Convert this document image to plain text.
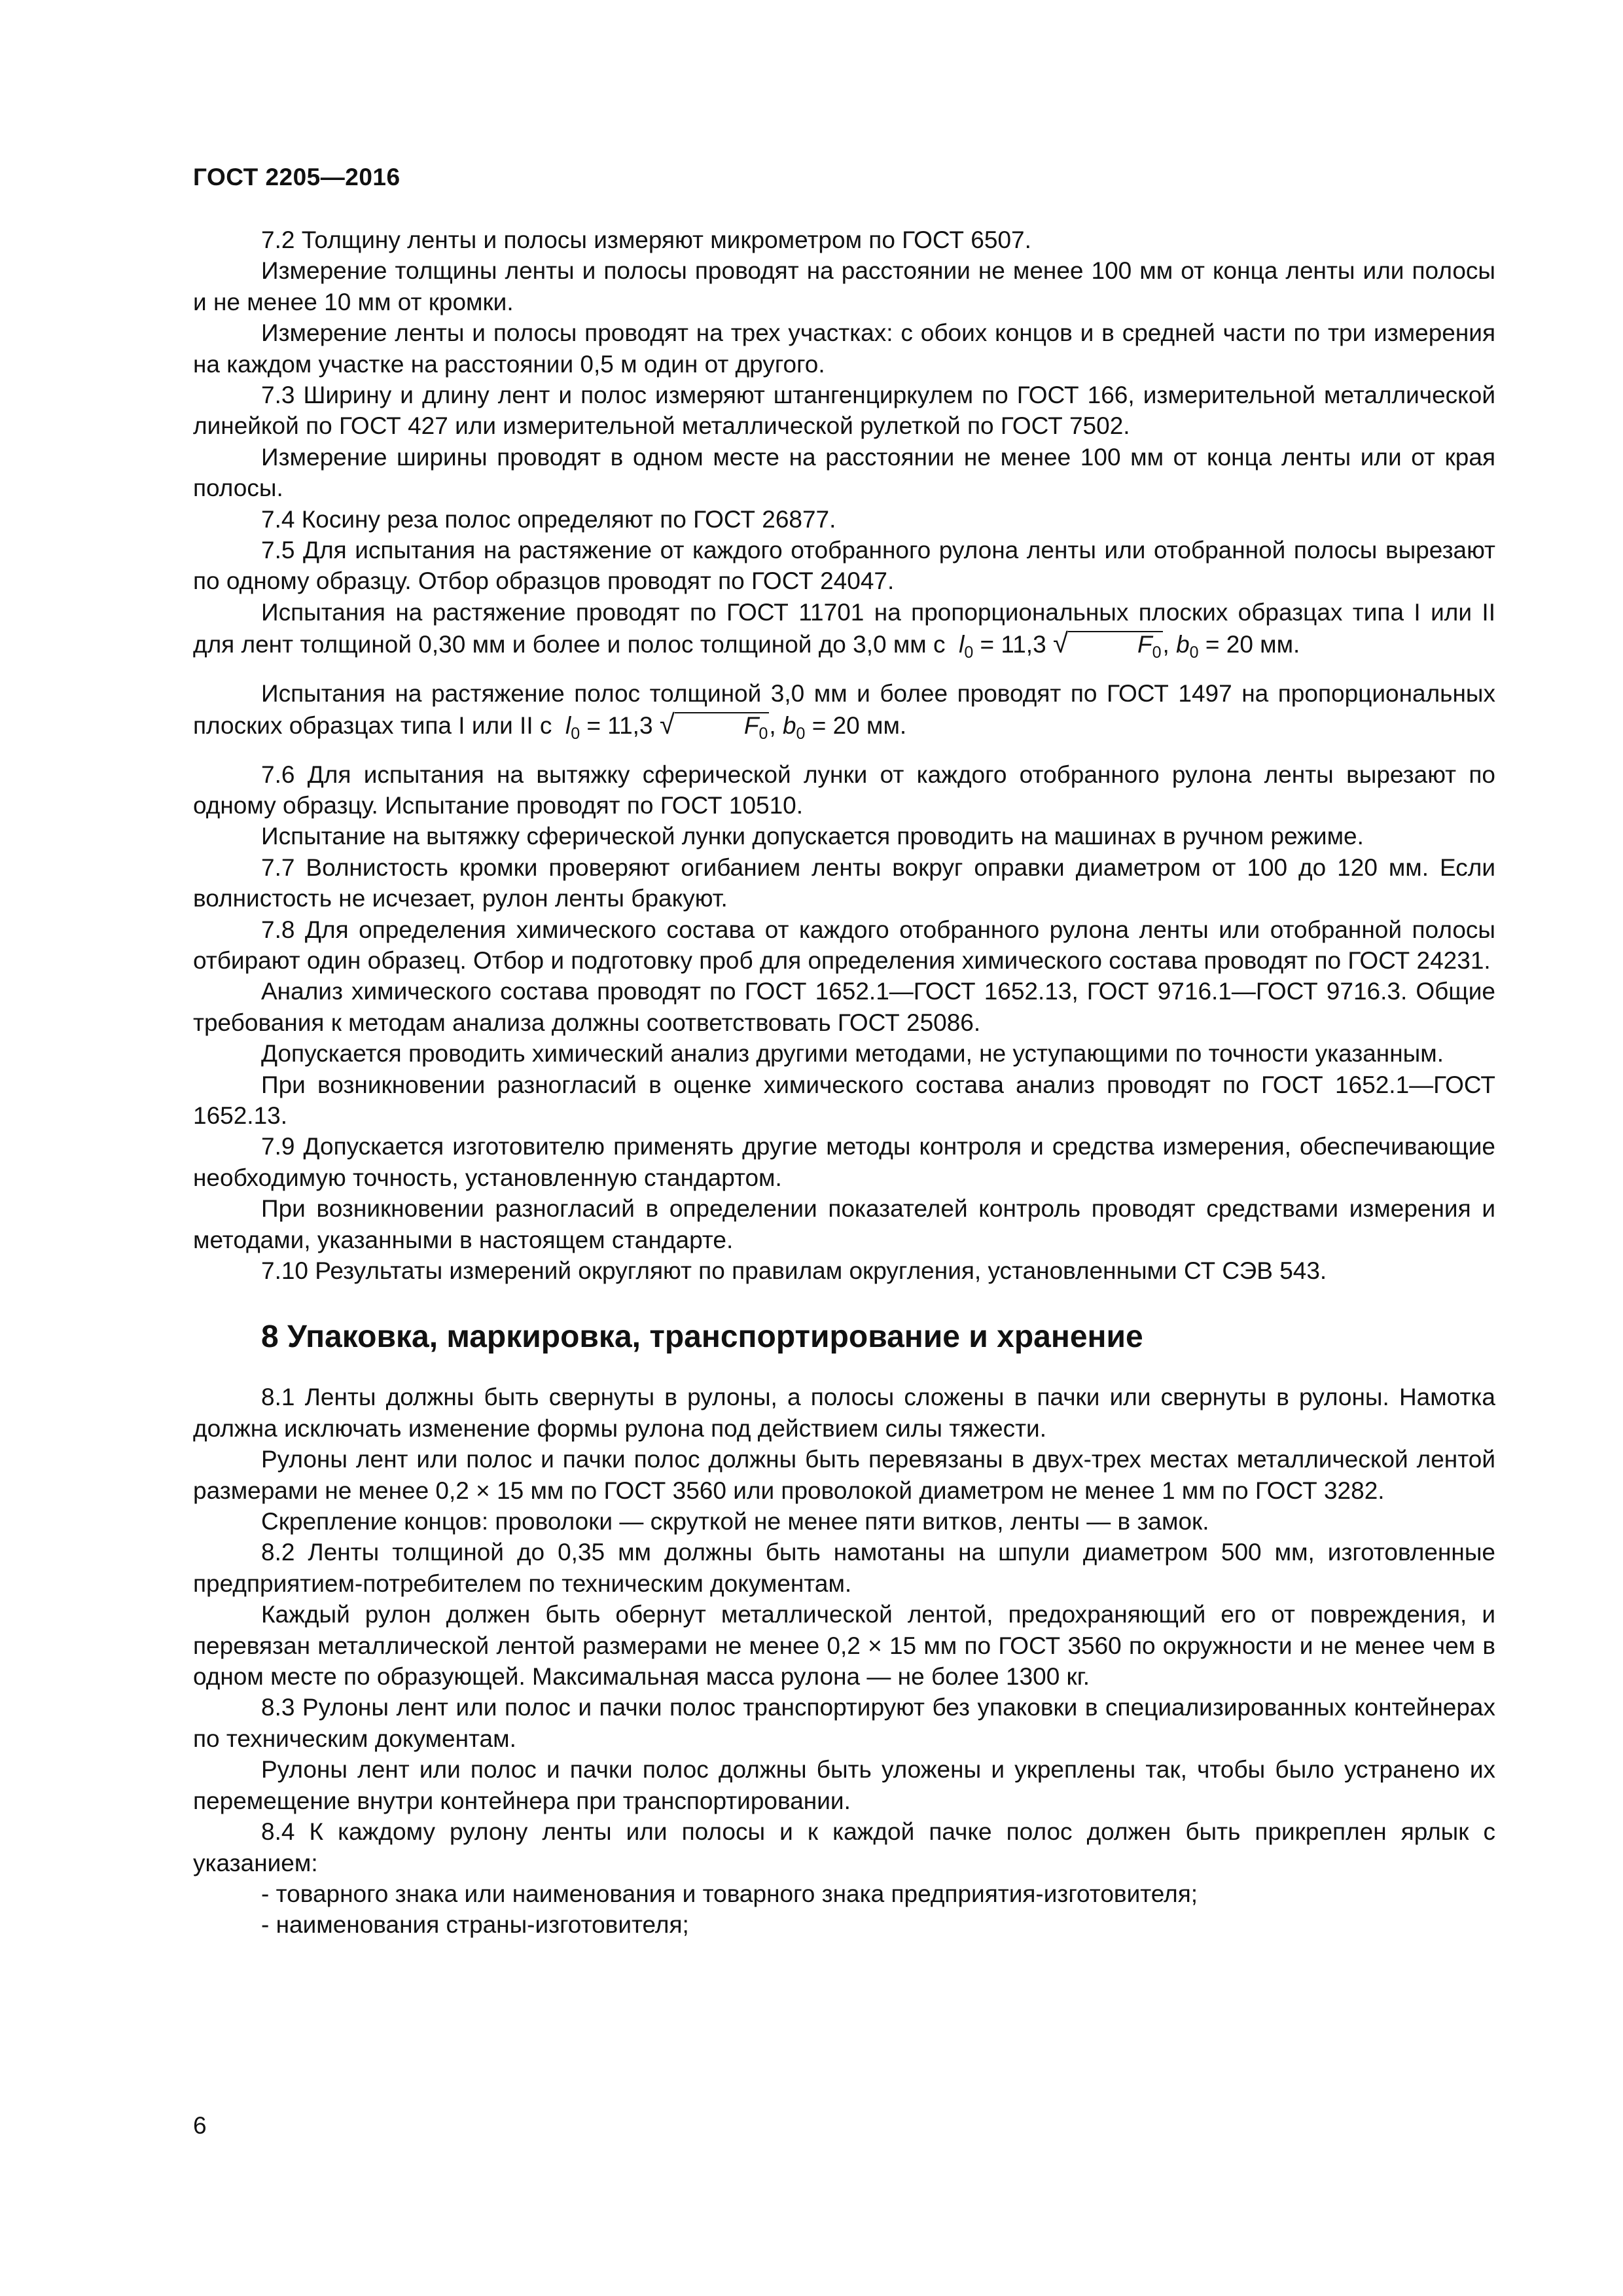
ГОСТ 2205—2016

7.2 Толщину ленты и полосы измеряют микрометром по ГОСТ 6507.

Измерение толщины ленты и полосы проводят на расстоянии не менее 100 мм от конца ленты или полосы и не менее 10 мм от кромки.

Измерение ленты и полосы проводят на трех участках: с обоих концов и в средней части по три измерения на каждом участке на расстоянии 0,5 м один от другого.

7.3 Ширину и длину лент и полос измеряют штангенциркулем по ГОСТ 166, измерительной металлической линейкой по ГОСТ 427 или измерительной металлической рулеткой по ГОСТ 7502.

Измерение ширины проводят в одном месте на расстоянии не менее 100 мм от конца ленты или от края полосы.

7.4 Косину реза полос определяют по ГОСТ 26877.

7.5 Для испытания на растяжение от каждого отобранного рулона ленты или отобранной полосы вырезают по одному образцу. Отбор образцов проводят по ГОСТ 24047.

Испытания на растяжение проводят по ГОСТ 11701 на пропорциональных плоских образцах типа I или II для лент толщиной 0,30 мм и более и полос толщиной до 3,0 мм с $l_0 = 11,3$ √	$F_0$, $b_0 = 20$ мм.

Испытания на растяжение полос толщиной 3,0 мм и более проводят по ГОСТ 1497 на пропорциональных плоских образцах типа I или II с $l_0 = 11,3$ √	$F_0$, $b_0 = 20$ мм.

7.6 Для испытания на вытяжку сферической лунки от каждого отобранного рулона ленты вырезают по одному образцу. Испытание проводят по ГОСТ 10510.

Испытание на вытяжку сферической лунки допускается проводить на машинах в ручном режиме.

7.7 Волнистость кромки проверяют огибанием ленты вокруг оправки диаметром от 100 до 120 мм. Если волнистость не исчезает, рулон ленты бракуют.

7.8 Для определения химического состава от каждого отобранного рулона ленты или отобранной полосы отбирают один образец. Отбор и подготовку проб для определения химического состава проводят по ГОСТ 24231.

Анализ химического состава проводят по ГОСТ 1652.1—ГОСТ 1652.13, ГОСТ 9716.1—ГОСТ 9716.3. Общие требования к методам анализа должны соответствовать ГОСТ 25086.

Допускается проводить химический анализ другими методами, не уступающими по точности указанным.

При возникновении разногласий в оценке химического состава анализ проводят по ГОСТ 1652.1—ГОСТ 1652.13.

7.9 Допускается изготовителю применять другие методы контроля и средства измерения, обеспечивающие необходимую точность, установленную стандартом.

При возникновении разногласий в определении показателей контроль проводят средствами измерения и методами, указанными в настоящем стандарте.

7.10 Результаты измерений округляют по правилам округления, установленными СТ СЭВ 543.

8 Упаковка, маркировка, транспортирование и хранение

8.1 Ленты должны быть свернуты в рулоны, а полосы сложены в пачки или свернуты в рулоны. Намотка должна исключать изменение формы рулона под действием силы тяжести.

Рулоны лент или полос и пачки полос должны быть перевязаны в двух-трех местах металлической лентой размерами не менее 0,2 × 15 мм по ГОСТ 3560 или проволокой диаметром не менее 1 мм по ГОСТ 3282.

Скрепление концов: проволоки — скруткой не менее пяти витков, ленты — в замок.

8.2 Ленты толщиной до 0,35 мм должны быть намотаны на шпули диаметром 500 мм, изготовленные предприятием-потребителем по техническим документам.

Каждый рулон должен быть обернут металлической лентой, предохраняющий его от повреждения, и перевязан металлической лентой размерами не менее 0,2 × 15 мм по ГОСТ 3560 по окружности и не менее чем в одном месте по образующей. Максимальная масса рулона — не более 1300 кг.

8.3 Рулоны лент или полос и пачки полос транспортируют без упаковки в специализированных контейнерах по техническим документам.

Рулоны лент или полос и пачки полос должны быть уложены и укреплены так, чтобы было устранено их перемещение внутри контейнера при транспортировании.

8.4 К каждому рулону ленты или полосы и к каждой пачке полос должен быть прикреплен ярлык с указанием:

- товарного знака или наименования и товарного знака предприятия-изготовителя;

- наименования страны-изготовителя;

6
